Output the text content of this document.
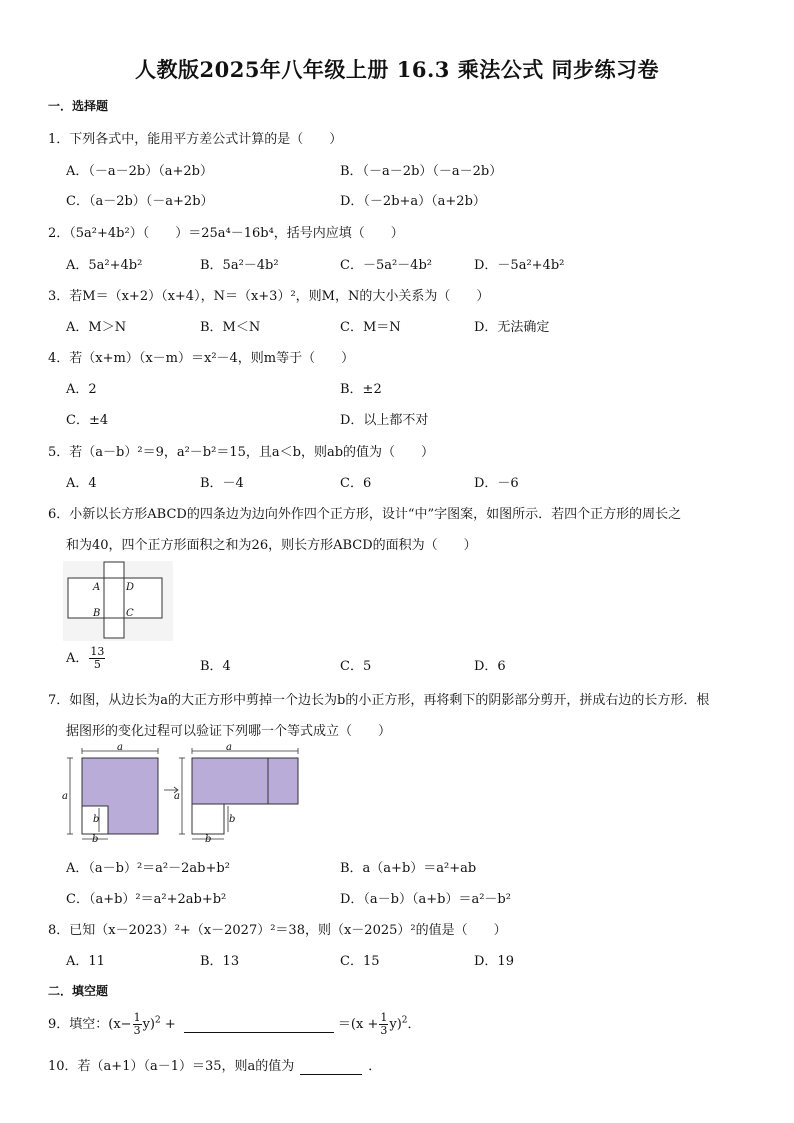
人教版2025年八年级上册 16.3 乘法公式 同步练习卷
一．选择题
1．下列各式中，能用平方差公式计算的是（　　）
A．（－a－2b）（a+2b）	B．（－a－2b）（－a－2b）
C．（a－2b）（－a+2b）	D．（－2b+a）（a+2b）
2．（5a²+4b²）（　　）＝25a⁴－16b⁴，括号内应填（　　）
A．5a²+4b²	B．5a²－4b²	C．－5a²－4b²	D．－5a²+4b²
3．若M＝（x+2）（x+4），N＝（x+3）²，则M，N的大小关系为（　　）
A．M＞N	B．M＜N	C．M＝N	D．无法确定
4．若（x+m）（x－m）＝x²－4，则m等于（　　）
A．2	B．±2
C．±4	D．以上都不对
5．若（a－b）²＝9，a²－b²＝15，且a＜b，则ab的值为（　　）
A．4	B．－4	C．6	D．－6
6．小新以长方形ABCD的四条边为边向外作四个正方形，设计“中”字图案，如图所示．若四个正方形的周长之
和为40，四个正方形面积之和为26，则长方形ABCD的面积为（　　）
A	D
B	C
A． $\frac{13}{5}$	B．4	C．5	D．6
7．如图，从边长为a的大正方形中剪掉一个边长为b的小正方形，再将剩下的阴影部分剪开，拼成右边的长方形．根
据图形的变化过程可以验证下列哪一个等式成立（　　）
a
a
b
b
a
a
b
b
A．（a－b）²＝a²－2ab+b²	B．a（a+b）＝a²+ab
C．（a+b）²＝a²+2ab+b²	D．（a－b）（a+b）＝a²－b²
8．已知（x－2023）²+（x－2027）²＝38，则（x－2025）²的值是（　　）
A．11	B．13	C．15	D．19
二．填空题
9．填空：$(x- \frac{1}{3} y)^2$ +	$=(x + \frac{1}{3} y)^2$．
10．若（a+1）（a－1）＝35，则a的值为	．
